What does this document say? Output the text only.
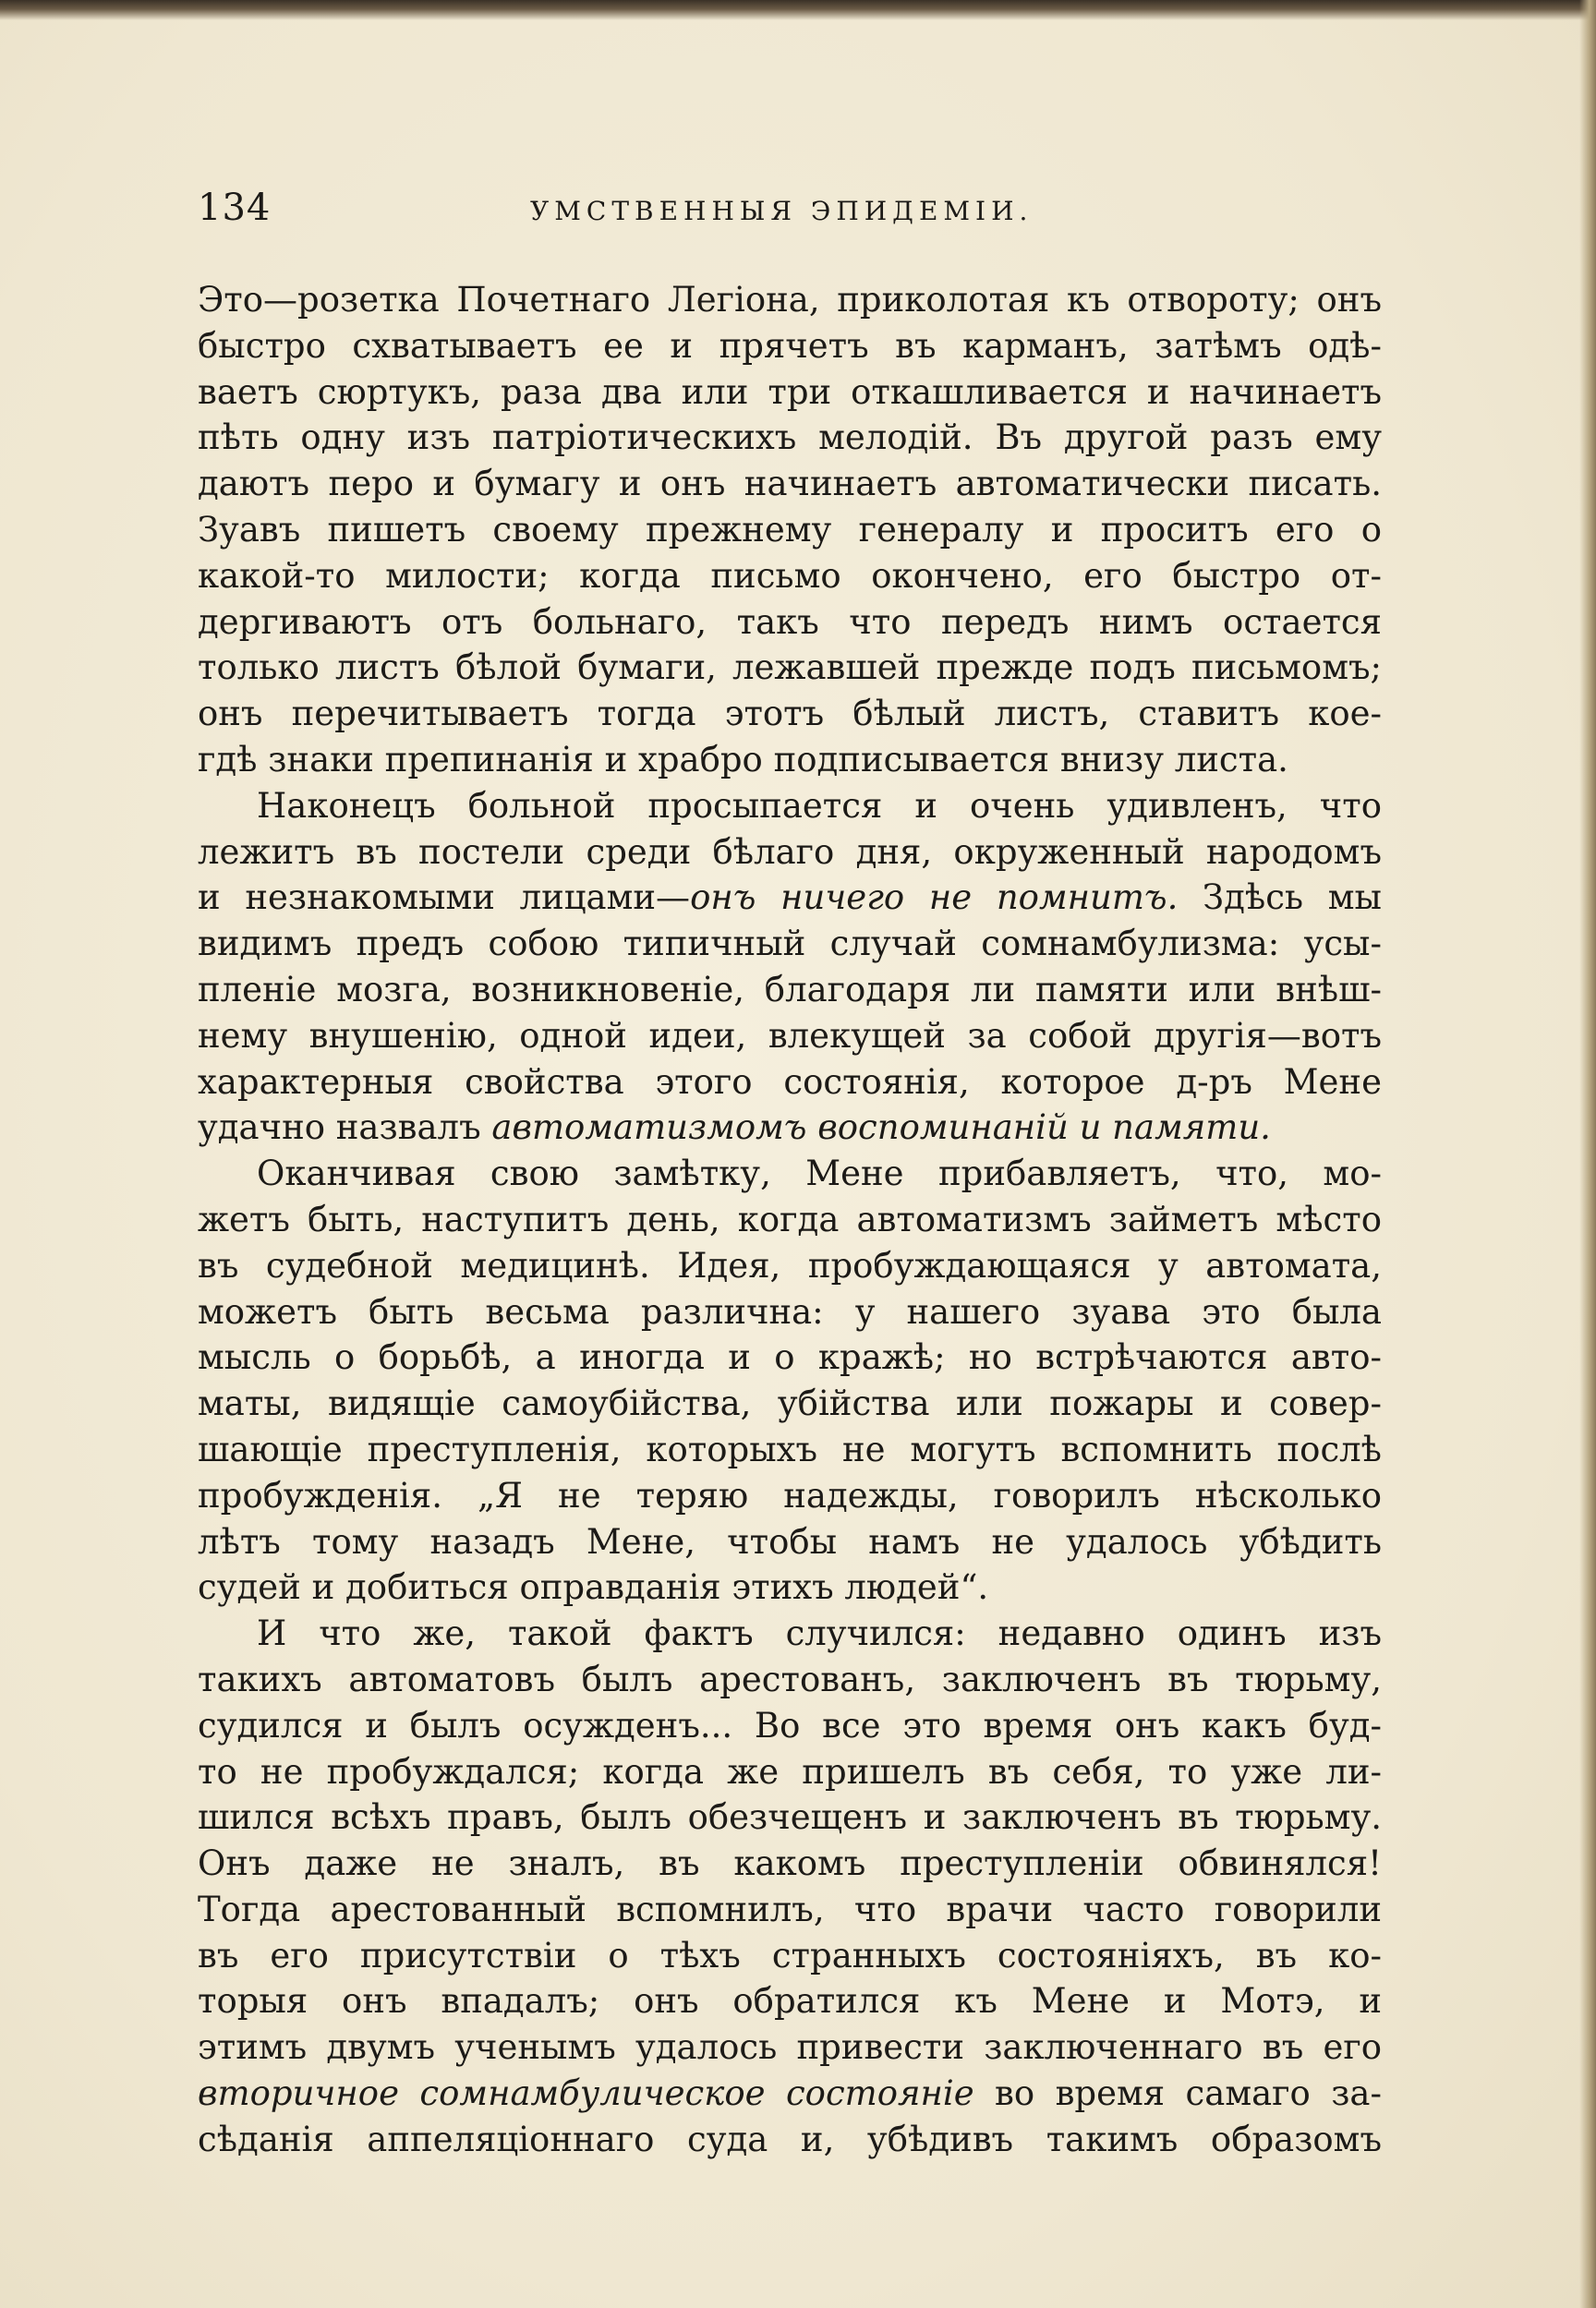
134	УМСТВЕННЫЯ ЭПИДЕМІИ.
Это—розетка Почетнаго Легіона, приколотая къ отвороту; онъ
быстро схватываетъ ее и прячетъ въ карманъ, затѣмъ одѣ-
ваетъ сюртукъ, раза два или три откашливается и начинаетъ
пѣть одну изъ патріотическихъ мелодій. Въ другой разъ ему
даютъ перо и бумагу и онъ начинаетъ автоматически писать.
Зуавъ пишетъ своему прежнему генералу и проситъ его о
какой-то милости; когда письмо окончено, его быстро от-
дергиваютъ отъ больнаго, такъ что передъ нимъ остается
только листъ бѣлой бумаги, лежавшей прежде подъ письмомъ;
онъ перечитываетъ тогда этотъ бѣлый листъ, ставитъ кое-
гдѣ знаки препинанія и храбро подписывается внизу листа.
Наконецъ больной просыпается и очень удивленъ, что
лежитъ въ постели среди бѣлаго дня, окруженный народомъ
и незнакомыми лицами—онъ ничего не помнитъ. Здѣсь мы
видимъ предъ собою типичный случай сомнамбулизма: усы-
пленіе мозга, возникновеніе, благодаря ли памяти или внѣш-
нему внушенію, одной идеи, влекущей за собой другія—вотъ
характерныя свойства этого состоянія, которое д-ръ Мене
удачно назвалъ автоматизмомъ воспоминаній и памяти.
Оканчивая свою замѣтку, Мене прибавляетъ, что, мо-
жетъ быть, наступитъ день, когда автоматизмъ займетъ мѣсто
въ судебной медицинѣ. Идея, пробуждающаяся у автомата,
можетъ быть весьма различна: у нашего зуава это была
мысль о борьбѣ, а иногда и о кражѣ; но встрѣчаются авто-
маты, видящіе самоубійства, убійства или пожары и совер-
шающіе преступленія, которыхъ не могутъ вспомнить послѣ
пробужденія. „Я не теряю надежды, говорилъ нѣсколько
лѣтъ тому назадъ Мене, чтобы намъ не удалось убѣдить
судей и добиться оправданія этихъ людей“.
И что же, такой фактъ случился: недавно одинъ изъ
такихъ автоматовъ былъ арестованъ, заключенъ въ тюрьму,
судился и былъ осужденъ... Во все это время онъ какъ буд-
то не пробуждался; когда же пришелъ въ себя, то уже ли-
шился всѣхъ правъ, былъ обезчещенъ и заключенъ въ тюрьму.
Онъ даже не зналъ, въ какомъ преступленіи обвинялся!
Тогда арестованный вспомнилъ, что врачи часто говорили
въ его присутствіи о тѣхъ странныхъ состояніяхъ, въ ко-
торыя онъ впадалъ; онъ обратился къ Мене и Мотэ, и
этимъ двумъ ученымъ удалось привести заключеннаго въ его
вторичное сомнамбулическое состояніе во время самаго за-
сѣданія аппеляціоннаго суда и, убѣдивъ такимъ образомъ
